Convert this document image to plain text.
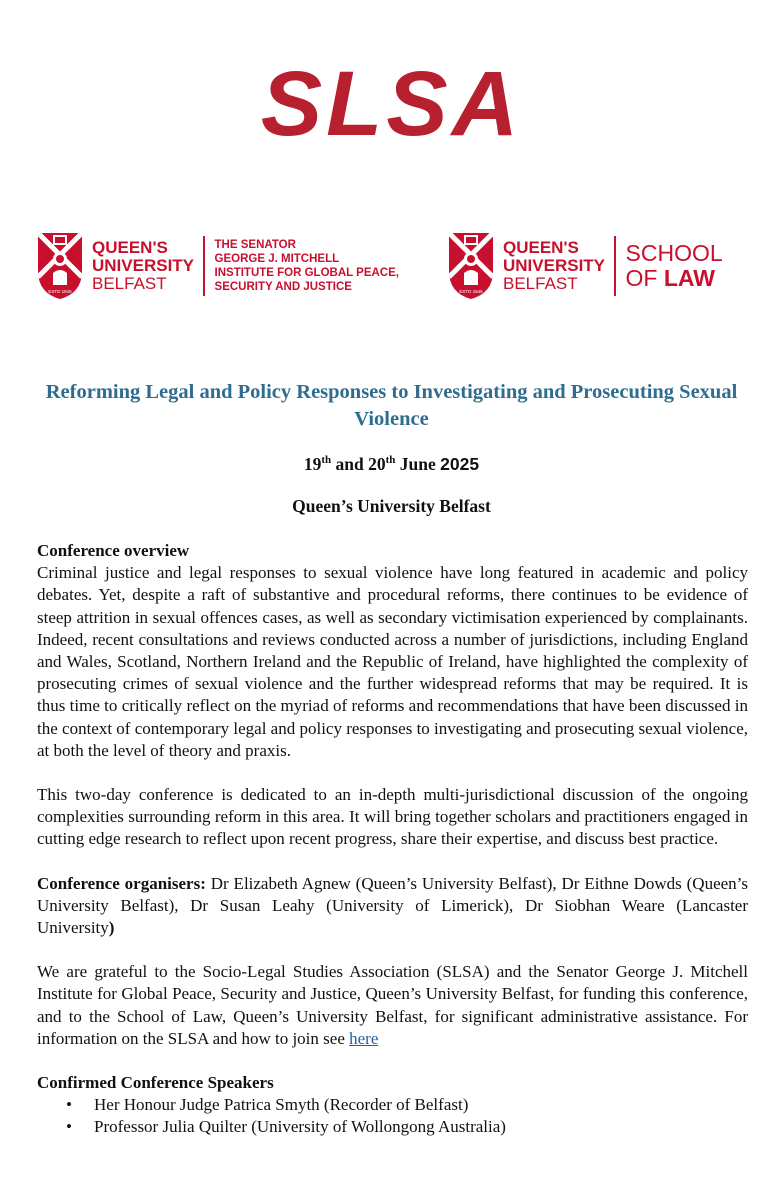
SLSA
ESTD 1845
QUEEN'S
UNIVERSITY
BELFAST
THE SENATOR
GEORGE J. MITCHELL
INSTITUTE FOR GLOBAL PEACE,
SECURITY AND JUSTICE	ESTD 1845
QUEEN'S
UNIVERSITY
BELFAST
SCHOOL
OF LAW
Reforming Legal and Policy Responses to Investigating and Prosecuting Sexual Violence
19th and 20th June 2025
Queen’s University Belfast

Conference overview

Criminal justice and legal responses to sexual violence have long featured in academic and policy debates. Yet, despite a raft of substantive and procedural reforms, there continues to be evidence of steep attrition in sexual offences cases, as well as secondary victimisation experienced by complainants. Indeed, recent consultations and reviews conducted across a number of jurisdictions, including England and Wales, Scotland, Northern Ireland and the Republic of Ireland, have highlighted the complexity of prosecuting crimes of sexual violence and the further widespread reforms that may be required. It is thus time to critically reflect on the myriad of reforms and recommendations that have been discussed in the context of contemporary legal and policy responses to investigating and prosecuting sexual violence, at both the level of theory and praxis.

This two-day conference is dedicated to an in-depth multi-jurisdictional discussion of the ongoing complexities surrounding reform in this area. It will bring together scholars and practitioners engaged in cutting edge research to reflect upon recent progress, share their expertise, and discuss best practice.

Conference organisers: Dr Elizabeth Agnew (Queen’s University Belfast), Dr Eithne Dowds (Queen’s University Belfast), Dr Susan Leahy (University of Limerick), Dr Siobhan Weare (Lancaster University)

We are grateful to the Socio-Legal Studies Association (SLSA) and the Senator George J. Mitchell Institute for Global Peace, Security and Justice, Queen’s University Belfast, for funding this conference, and to the School of Law, Queen’s University Belfast, for significant administrative assistance. For information on the SLSA and how to join see here

Confirmed Conference Speakers

• Her Honour Judge Patrica Smyth (Recorder of Belfast)
• Professor Julia Quilter (University of Wollongong Australia)
